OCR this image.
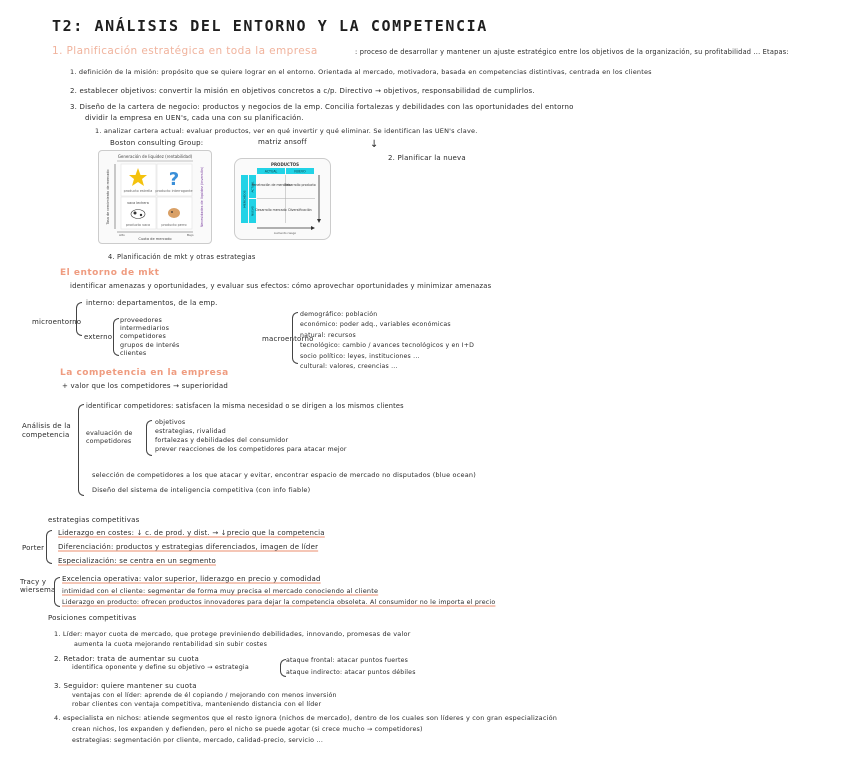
T2: ANÁLISIS DEL ENTORNO Y LA COMPETENCIA
1. Planificación estratégica en toda la empresa	: proceso de desarrollar y mantener un ajuste estratégico entre los objetivos de la organización, su profitabilidad ... Etapas:
1. definición de la misión: propósito que se quiere lograr en el entorno. Orientada al mercado, motivadora, basada en competencias distintivas, centrada en los clientes
2. establecer objetivos: convertir la misión en objetivos concretos a c/p. Directivo → objetivos, responsabilidad de cumplirlos.
3. Diseño de la cartera de negocio: productos y negocios de la emp. Concilia fortalezas y debilidades con las oportunidades del entorno
dividir la empresa en UEN's, cada una con su planificación.
1. analizar cartera actual: evaluar productos, ver en qué invertir y qué eliminar. Se identifican las UEN's clave.
Boston consulting Group:	matriz ansoff	↓
2. Planificar la nueva
Generación de liquidez (rentabilidad)
producto estrella
?
producto interrogante
vaca lechera
producto vaca	producto perro
Tasa de crecimiento de mercado	Necesidades de liquidez (inversión)
Alto	Bajo
Cuota de mercado
PRODUCTOS
ACTUAL	NUEVO
MERCADOS
ACTUAL
NUEVO
Penetración de mercado
Desarrollo producto
Desarrollo mercado Diversificación
Aumento riesgo
4. Planificación de mkt y otras estrategias
El entorno de mkt
identificar amenazas y oportunidades, y evaluar sus efectos: cómo aprovechar oportunidades y minimizar amenazas
microentorno
interno: departamentos, de la emp.
externo
proveedores
intermediarios
competidores
grupos de interés
clientes
macroentorno
demográfico: población
económico: poder adq., variables económicas
natural: recursos
tecnológico: cambio / avances tecnológicos y en I+D
socio político: leyes, instituciones ...
cultural: valores, creencias ...
La competencia en la empresa
+ valor que los competidores → superioridad
Análisis de la competencia
identificar competidores: satisfacen la misma necesidad o se dirigen a los mismos clientes
evaluación de competidores
objetivos
estrategias, rivalidad
fortalezas y debilidades del consumidor
prever reacciones de los competidores para atacar mejor
selección de competidores a los que atacar y evitar, encontrar espacio de mercado no disputados (blue ocean)
Diseño del sistema de inteligencia competitiva (con info fiable)
estrategias competitivas
Porter
Liderazgo en costes: ↓ c. de prod. y dist. → ↓precio que la competencia
Diferenciación: productos y estrategias diferenciados, imagen de líder
Especialización: se centra en un segmento
Tracy y wiersema
Excelencia operativa: valor superior, liderazgo en precio y comodidad
intimidad con el cliente: segmentar de forma muy precisa el mercado conociendo al cliente
Liderazgo en producto: ofrecen productos innovadores para dejar la competencia obsoleta. Al consumidor no le importa el precio
Posiciones competitivas
1. Líder: mayor cuota de mercado, que protege previniendo debilidades, innovando, promesas de valor
aumenta la cuota mejorando rentabilidad sin subir costes
2. Retador: trata de aumentar su cuota
identifica oponente y define su objetivo → estrategia
ataque frontal: atacar puntos fuertes
ataque indirecto: atacar puntos débiles
3. Seguidor: quiere mantener su cuota
ventajas con el líder: aprende de él copiando / mejorando con menos inversión
robar clientes con ventaja competitiva, manteniendo distancia con el líder
4. especialista en nichos: atiende segmentos que el resto ignora (nichos de mercado), dentro de los cuales son líderes y con gran especialización
crean nichos, los expanden y defienden, pero el nicho se puede agotar (si crece mucho → competidores)
estrategias: segmentación por cliente, mercado, calidad-precio, servicio ...
